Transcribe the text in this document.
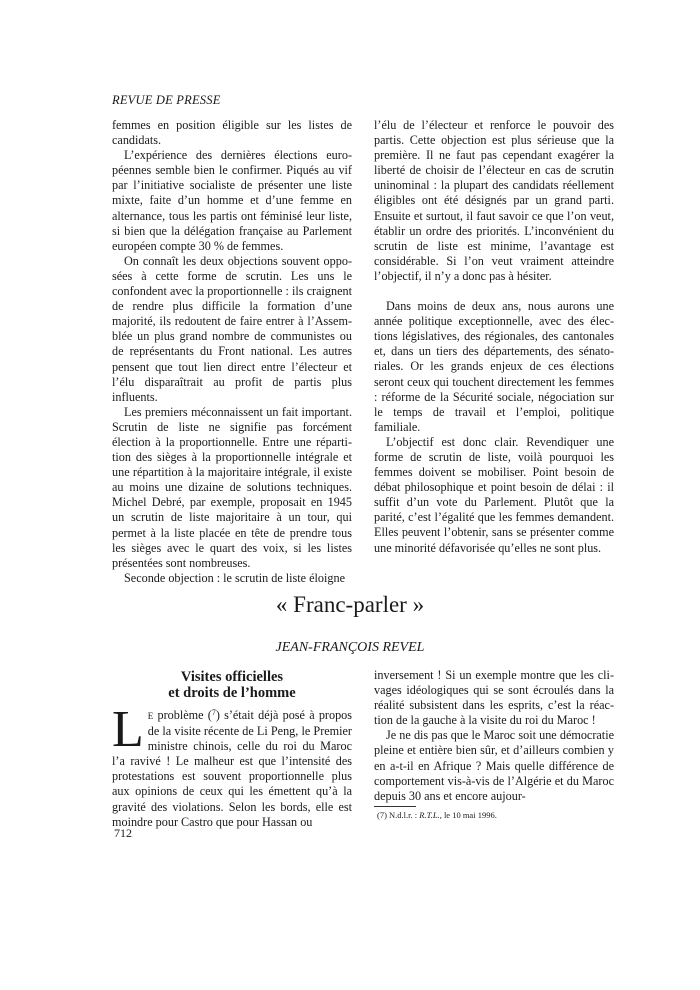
REVUE DE PRESSE

femmes en position éligible sur les listes de candidats.

L’expérience des dernières élections européennes semble bien le confirmer. Piqués au vif par l’initiative socialiste de présenter une liste mixte, faite d’un homme et d’une femme en alternance, tous les partis ont féminisé leur liste, si bien que la délégation française au Parlement européen compte 30 % de femmes.

On connaît les deux objections souvent opposées à cette forme de scrutin. Les uns le confondent avec la proportionnelle : ils craignent de rendre plus difficile la formation d’une majorité, ils redoutent de faire entrer à l’Assemblée un plus grand nombre de communistes ou de représentants du Front national. Les autres pensent que tout lien direct entre l’électeur et l’élu disparaîtrait au profit de partis plus influents.

Les premiers méconnaissent un fait important. Scrutin de liste ne signifie pas forcément élection à la proportionnelle. Entre une répartition des sièges à la proportionnelle intégrale et une répartition à la majoritaire intégrale, il existe au moins une dizaine de solutions techniques. Michel Debré, par exemple, proposait en 1945 un scrutin de liste majoritaire à un tour, qui permet à la liste placée en tête de prendre tous les sièges avec le quart des voix, si les listes présentées sont nombreuses.

Seconde objection : le scrutin de liste éloigne

l’élu de l’électeur et renforce le pouvoir des partis. Cette objection est plus sérieuse que la première. Il ne faut pas cependant exagérer la liberté de choisir de l’électeur en cas de scrutin uninominal : la plupart des candidats réellement éligibles ont été désignés par un grand parti. Ensuite et surtout, il faut savoir ce que l’on veut, établir un ordre des priorités. L’inconvénient du scrutin de liste est minime, l’avantage est considérable. Si l’on veut vraiment atteindre l’objectif, il n’y a donc pas à hésiter.

Dans moins de deux ans, nous aurons une année politique exceptionnelle, avec des élections législatives, des régionales, des cantonales et, dans un tiers des départements, des sénatoriales. Or les grands enjeux de ces élections seront ceux qui touchent directement les femmes : réforme de la Sécurité sociale, négociation sur le temps de travail et l’emploi, politique familiale.

L’objectif est donc clair. Revendiquer une forme de scrutin de liste, voilà pourquoi les femmes doivent se mobiliser. Point besoin de débat philosophique et point besoin de délai : il suffit d’un vote du Parlement. Plutôt que la parité, c’est l’égalité que les femmes demandent. Elles peuvent l’obtenir, sans se présenter comme une minorité défavorisée qu’elles ne sont plus.

« Franc-parler »
JEAN-FRANÇOIS REVEL
Visites officielles
et droits de l’homme

L E problème ($^7$) s’était déjà posé à propos de la visite récente de Li Peng, le Premier ministre chinois, celle du roi du Maroc l’a ravivé ! Le malheur est que l’intensité des protestations est souvent proportionnelle plus aux opinions de ceux qui les émettent qu’à la gravité des violations. Selon les bords, elle est moindre pour Castro que pour Hassan ou

inversement ! Si un exemple montre que les clivages idéologiques qui se sont écroulés dans la réalité subsistent dans les esprits, c’est la réaction de la gauche à la visite du roi du Maroc !

Je ne dis pas que le Maroc soit une démocratie pleine et entière bien sûr, et d’ailleurs combien y en a-t-il en Afrique ? Mais quelle différence de comportement vis-à-vis de l’Algérie et du Maroc depuis 30 ans et encore aujour-

(7) N.d.l.r. : R.T.L., le 10 mai 1996.
712
